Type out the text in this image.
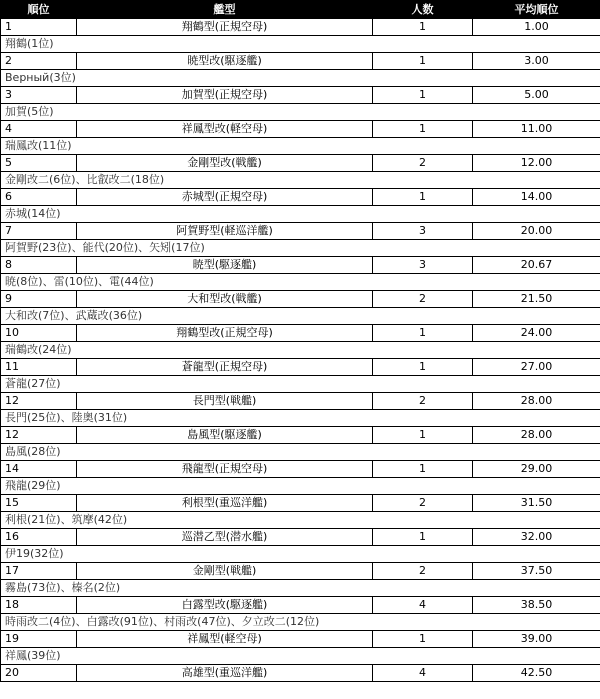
順位	艦型	人数	平均順位
1	翔鶴型(正規空母)	1	1.00
翔鶴(1位)			
2	暁型改(駆逐艦)	1	3.00
Верный(3位)			
3	加賀型(正規空母)	1	5.00
加賀(5位)			
4	祥鳳型改(軽空母)	1	11.00
瑞鳳改(11位)			
5	金剛型改(戦艦)	2	12.00
金剛改二(6位)、比叡改二(18位)			
6	赤城型(正規空母)	1	14.00
赤城(14位)			
7	阿賀野型(軽巡洋艦)	3	20.00
阿賀野(23位)、能代(20位)、矢矧(17位)			
8	暁型(駆逐艦)	3	20.67
暁(8位)、雷(10位)、電(44位)			
9	大和型改(戦艦)	2	21.50
大和改(7位)、武蔵改(36位)			
10	翔鶴型改(正規空母)	1	24.00
瑞鶴改(24位)			
11	蒼龍型(正規空母)	1	27.00
蒼龍(27位)			
12	長門型(戦艦)	2	28.00
長門(25位)、陸奥(31位)			
12	島風型(駆逐艦)	1	28.00
島風(28位)			
14	飛龍型(正規空母)	1	29.00
飛龍(29位)			
15	利根型(重巡洋艦)	2	31.50
利根(21位)、筑摩(42位)			
16	巡潜乙型(潜水艦)	1	32.00
伊19(32位)			
17	金剛型(戦艦)	2	37.50
霧島(73位)、榛名(2位)			
18	白露型改(駆逐艦)	4	38.50
時雨改二(4位)、白露改(91位)、村雨改(47位)、夕立改二(12位)			
19	祥鳳型(軽空母)	1	39.00
祥鳳(39位)			
20	高雄型(重巡洋艦)	4	42.50
